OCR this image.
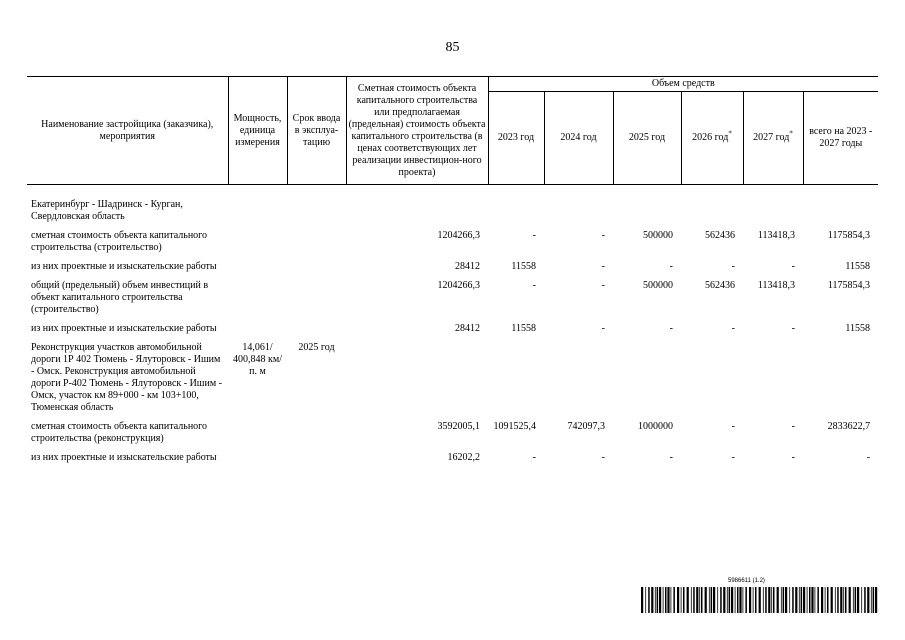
85
Наименование застройщика (заказчика), мероприятия	Мощность, единица измерения	Срок ввода в эксплуа-тацию	Сметная стоимость объекта капитального строительства или предполагаемая (предельная) стоимость объекта капитального строительства (в ценах соответствующих лет реализации инвестицион-ного проекта)	Объем средств					
				2023 год	2024 год	2025 год	2026 год*	2027 год*	всего на 2023 - 2027 годы
Екатеринбург - Шадринск - Курган, Свердловская область									
сметная стоимость объекта капитального строительства (строительство)			1204266,3	-	-	500000	562436	113418,3	1175854,3
из них проектные и изыскательские работы			28412	11558	-	-	-	-	11558
общий (предельный) объем инвестиций в объект капитального строительства (строительство)			1204266,3	-	-	500000	562436	113418,3	1175854,3
из них проектные и изыскательские работы			28412	11558	-	-	-	-	11558
Реконструкция участков автомобильной дороги 1Р 402 Тюмень - Ялуторовск - Ишим - Омск. Реконструкция автомобильной дороги Р-402 Тюмень - Ялуторовск - Ишим - Омск, участок км 89+000 - км 103+100, Тюменская область	14,061/ 400,848 км/п. м	2025 год							
сметная стоимость объекта капитального строительства (реконструкция)			3592005,1	1091525,4	742097,3	1000000	-	-	2833622,7
из них проектные и изыскательские работы			16202,2	-	-	-	-	-	-
5986611 (1.2)
